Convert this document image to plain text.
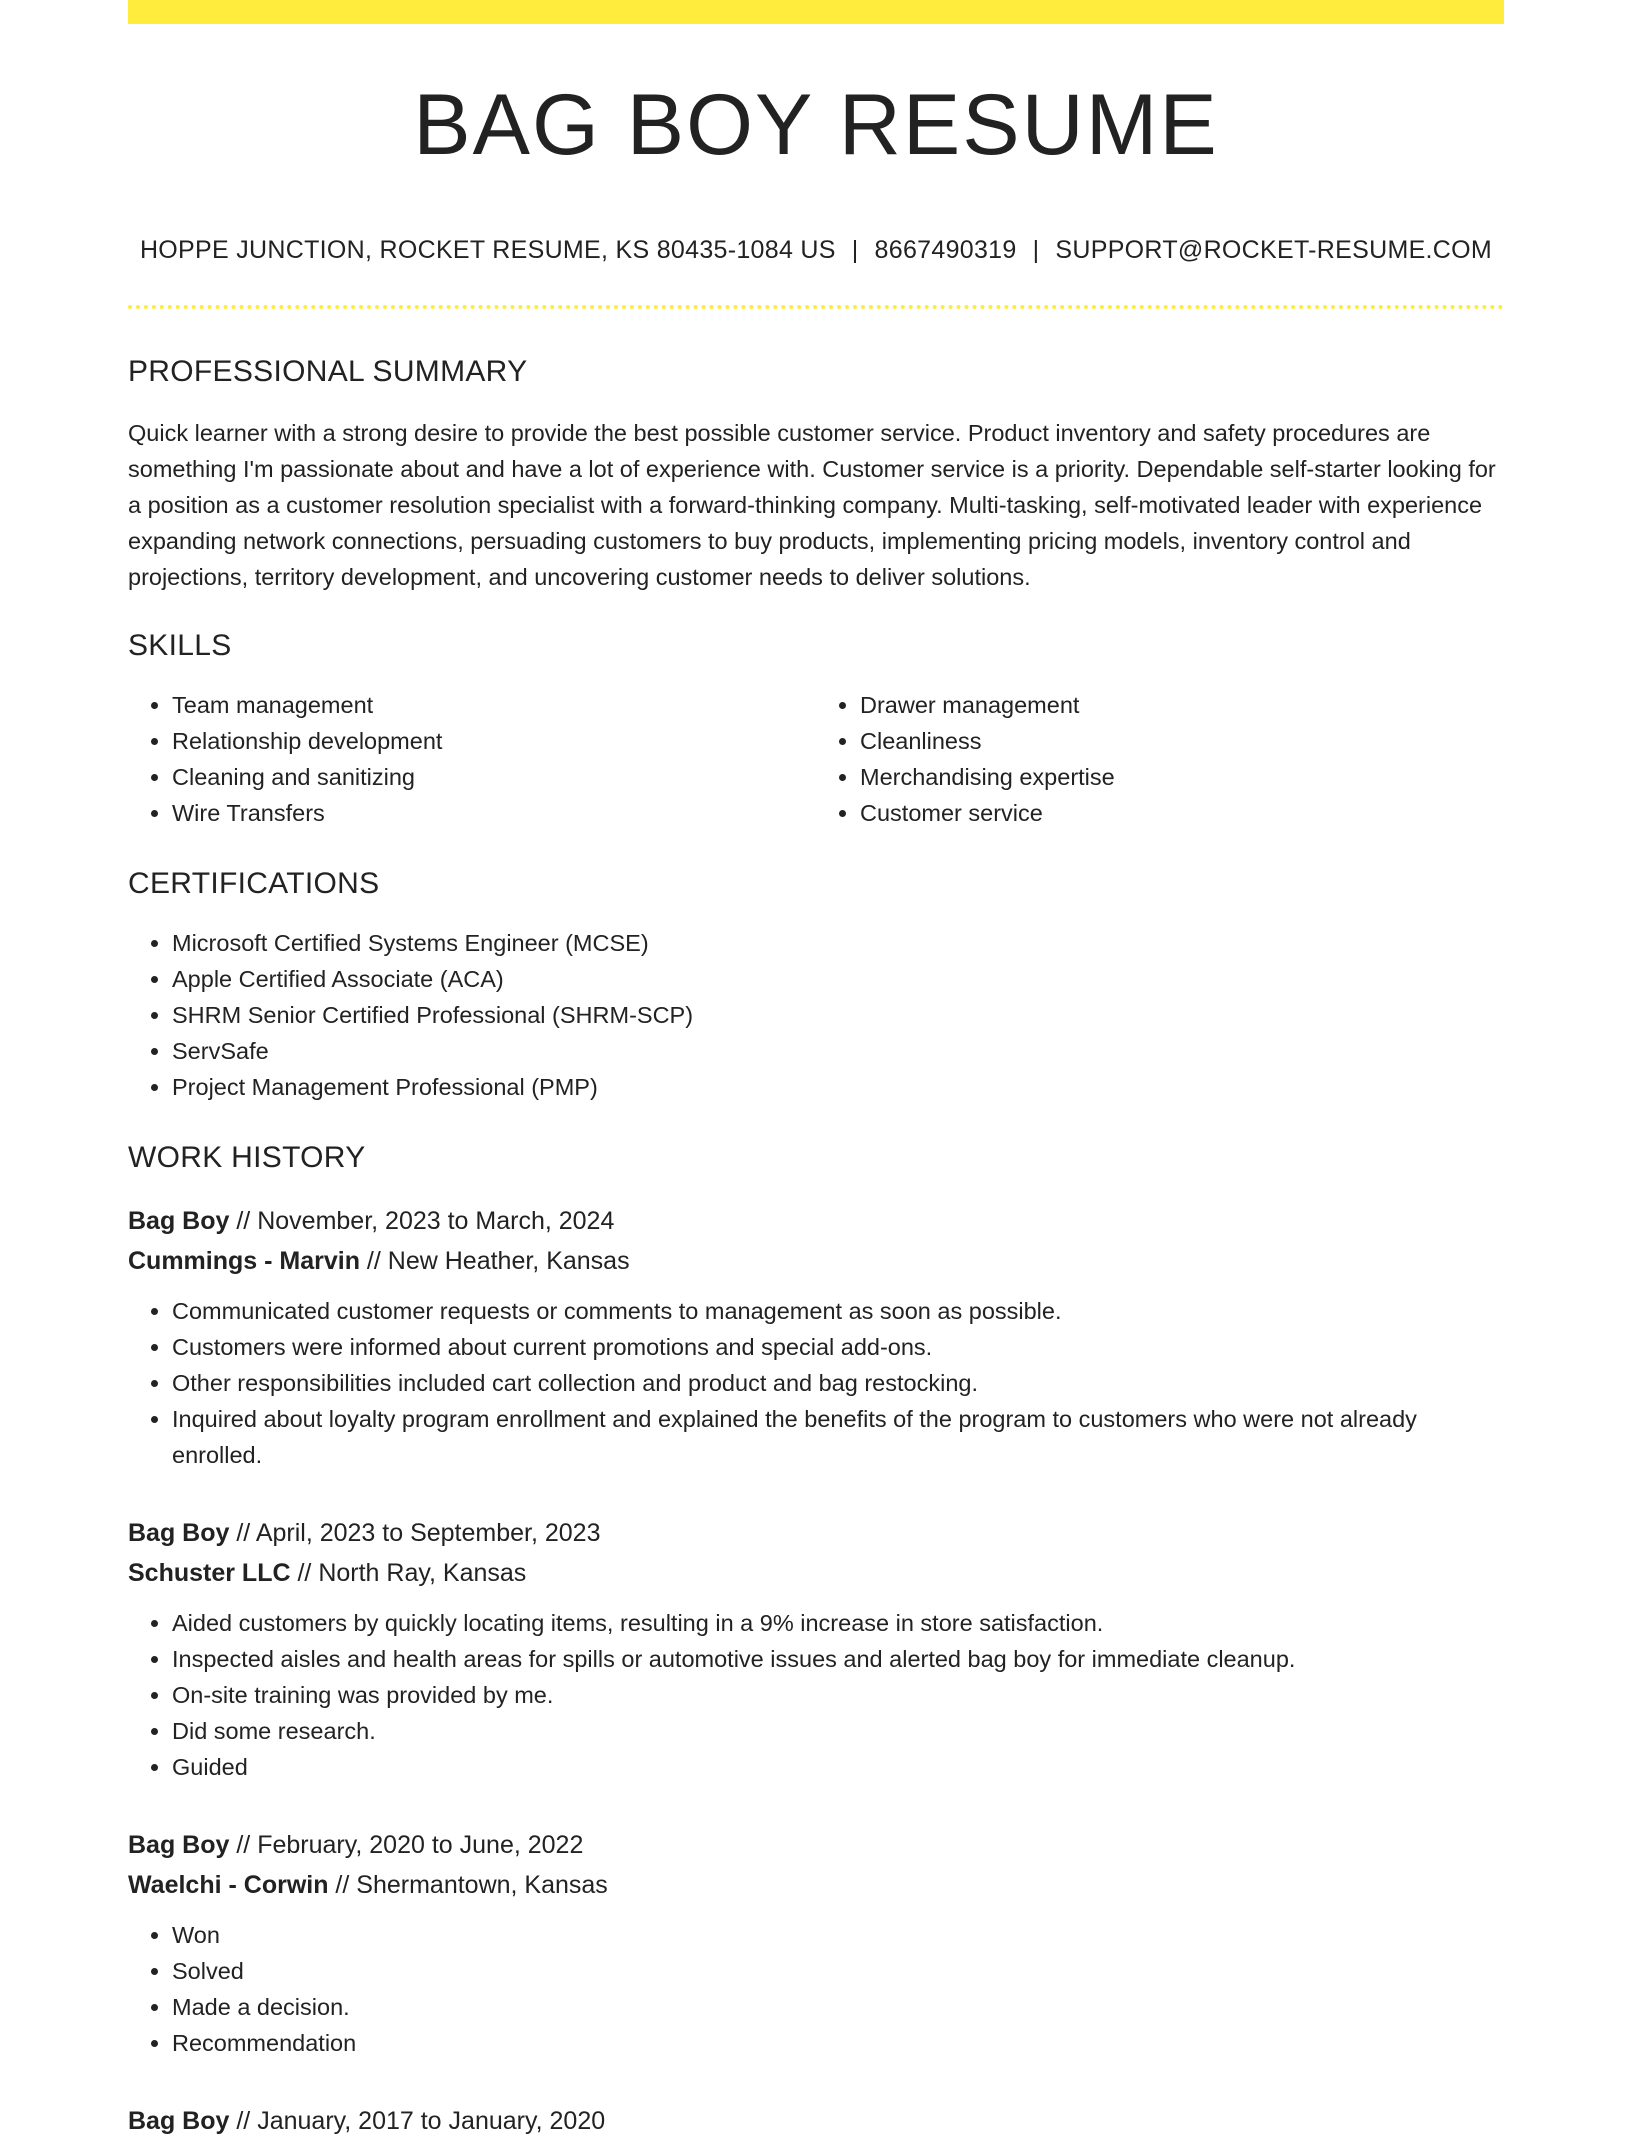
BAG BOY RESUME
HOPPE JUNCTION, ROCKET RESUME, KS 80435-1084 US | 8667490319 | SUPPORT@ROCKET-RESUME.COM
PROFESSIONAL SUMMARY

Quick learner with a strong desire to provide the best possible customer service. Product inventory and safety procedures are something I'm passionate about and have a lot of experience with. Customer service is a priority. Dependable self-starter looking for a position as a customer resolution specialist with a forward-thinking company. Multi-tasking, self-motivated leader with experience expanding network connections, persuading customers to buy products, implementing pricing models, inventory control and projections, territory development, and uncovering customer needs to deliver solutions.

SKILLS
• Team management
• Relationship development
• Cleaning and sanitizing
• Wire Transfers
• Drawer management
• Cleanliness
• Merchandising expertise
• Customer service
CERTIFICATIONS
• Microsoft Certified Systems Engineer (MCSE)
• Apple Certified Associate (ACA)
• SHRM Senior Certified Professional (SHRM-SCP)
• ServSafe
• Project Management Professional (PMP)
WORK HISTORY
Bag Boy // November, 2023 to March, 2024
Cummings - Marvin // New Heather, Kansas
• Communicated customer requests or comments to management as soon as possible.
• Customers were informed about current promotions and special add-ons.
• Other responsibilities included cart collection and product and bag restocking.
• Inquired about loyalty program enrollment and explained the benefits of the program to customers who were not already enrolled.
Bag Boy // April, 2023 to September, 2023
Schuster LLC // North Ray, Kansas
• Aided customers by quickly locating items, resulting in a 9% increase in store satisfaction.
• Inspected aisles and health areas for spills or automotive issues and alerted bag boy for immediate cleanup.
• On-site training was provided by me.
• Did some research.
• Guided
Bag Boy // February, 2020 to June, 2022
Waelchi - Corwin // Shermantown, Kansas
• Won
• Solved
• Made a decision.
• Recommendation
Bag Boy // January, 2017 to January, 2020
